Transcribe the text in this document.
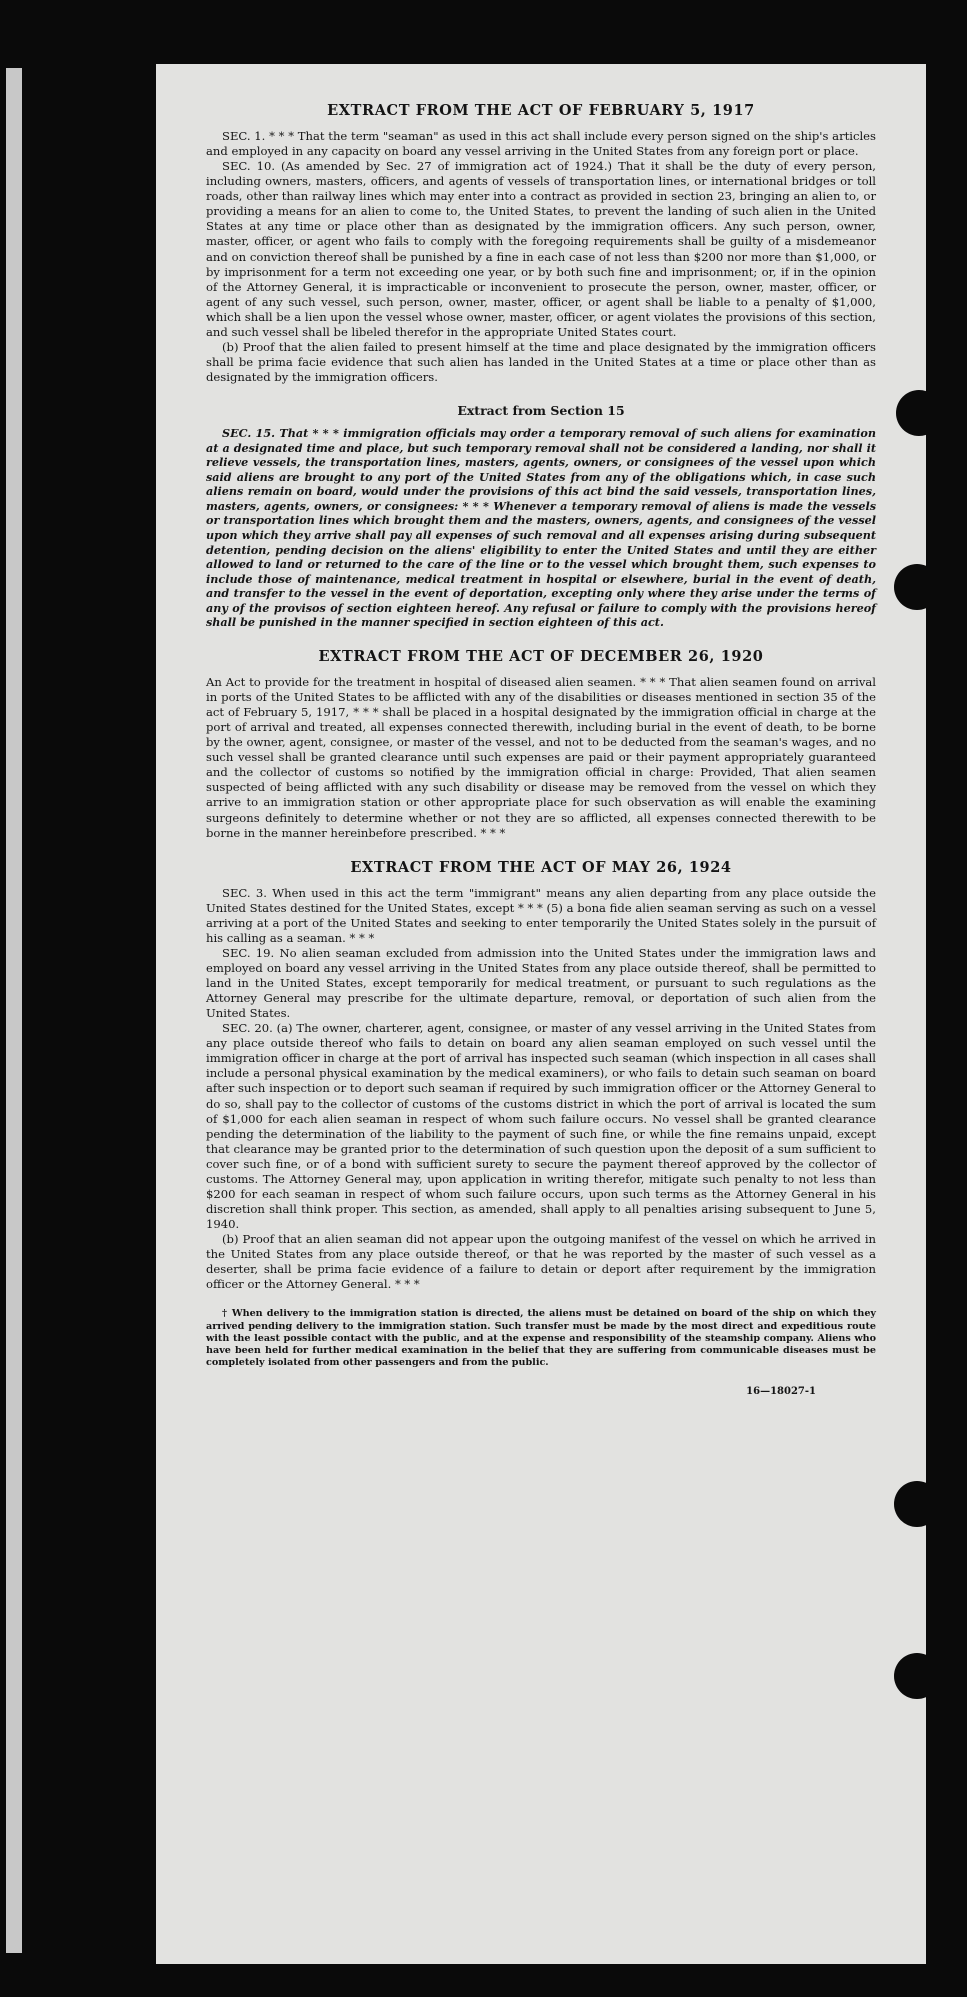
EXTRACT FROM THE ACT OF FEBRUARY 5, 1917

SEC. 1. * * * That the term "seaman" as used in this act shall include every person signed on the ship's articles and employed in any capacity on board any vessel arriving in the United States from any foreign port or place.

SEC. 10. (As amended by Sec. 27 of immigration act of 1924.) That it shall be the duty of every person, including owners, masters, officers, and agents of vessels of transportation lines, or international bridges or toll roads, other than railway lines which may enter into a contract as provided in section 23, bringing an alien to, or providing a means for an alien to come to, the United States, to prevent the landing of such alien in the United States at any time or place other than as designated by the immigration officers. Any such person, owner, master, officer, or agent who fails to comply with the foregoing requirements shall be guilty of a misdemeanor and on conviction thereof shall be punished by a fine in each case of not less than $200 nor more than $1,000, or by imprisonment for a term not exceeding one year, or by both such fine and imprisonment; or, if in the opinion of the Attorney General, it is impracticable or inconvenient to prosecute the person, owner, master, officer, or agent of any such vessel, such person, owner, master, officer, or agent shall be liable to a penalty of $1,000, which shall be a lien upon the vessel whose owner, master, officer, or agent violates the provisions of this section, and such vessel shall be libeled therefor in the appropriate United States court.

(b) Proof that the alien failed to present himself at the time and place designated by the immigration officers shall be prima facie evidence that such alien has landed in the United States at a time or place other than as designated by the immigration officers.

Extract from Section 15

SEC. 15. That * * * immigration officials may order a temporary removal of such aliens for examination at a designated time and place, but such temporary removal shall not be considered a landing, nor shall it relieve vessels, the transportation lines, masters, agents, owners, or consignees of the vessel upon which said aliens are brought to any port of the United States from any of the obligations which, in case such aliens remain on board, would under the provisions of this act bind the said vessels, transportation lines, masters, agents, owners, or consignees: * * * Whenever a temporary removal of aliens is made the vessels or transportation lines which brought them and the masters, owners, agents, and consignees of the vessel upon which they arrive shall pay all expenses of such removal and all expenses arising during subsequent detention, pending decision on the aliens' eligibility to enter the United States and until they are either allowed to land or returned to the care of the line or to the vessel which brought them, such expenses to include those of maintenance, medical treatment in hospital or elsewhere, burial in the event of death, and transfer to the vessel in the event of deportation, excepting only where they arise under the terms of any of the provisos of section eighteen hereof. Any refusal or failure to comply with the provisions hereof shall be punished in the manner specified in section eighteen of this act.

EXTRACT FROM THE ACT OF DECEMBER 26, 1920

An Act to provide for the treatment in hospital of diseased alien seamen. * * * That alien seamen found on arrival in ports of the United States to be afflicted with any of the disabilities or diseases mentioned in section 35 of the act of February 5, 1917, * * * shall be placed in a hospital designated by the immigration official in charge at the port of arrival and treated, all expenses connected therewith, including burial in the event of death, to be borne by the owner, agent, consignee, or master of the vessel, and not to be deducted from the seaman's wages, and no such vessel shall be granted clearance until such expenses are paid or their payment appropriately guaranteed and the collector of customs so notified by the immigration official in charge: Provided, That alien seamen suspected of being afflicted with any such disability or disease may be removed from the vessel on which they arrive to an immigration station or other appropriate place for such observation as will enable the examining surgeons definitely to determine whether or not they are so afflicted, all expenses connected therewith to be borne in the manner hereinbefore prescribed. * * *

EXTRACT FROM THE ACT OF MAY 26, 1924

SEC. 3. When used in this act the term "immigrant" means any alien departing from any place outside the United States destined for the United States, except * * * (5) a bona fide alien seaman serving as such on a vessel arriving at a port of the United States and seeking to enter temporarily the United States solely in the pursuit of his calling as a seaman. * * *

SEC. 19. No alien seaman excluded from admission into the United States under the immigration laws and employed on board any vessel arriving in the United States from any place outside thereof, shall be permitted to land in the United States, except temporarily for medical treatment, or pursuant to such regulations as the Attorney General may prescribe for the ultimate departure, removal, or deportation of such alien from the United States.

SEC. 20. (a) The owner, charterer, agent, consignee, or master of any vessel arriving in the United States from any place outside thereof who fails to detain on board any alien seaman employed on such vessel until the immigration officer in charge at the port of arrival has inspected such seaman (which inspection in all cases shall include a personal physical examination by the medical examiners), or who fails to detain such seaman on board after such inspection or to deport such seaman if required by such immigration officer or the Attorney General to do so, shall pay to the collector of customs of the customs district in which the port of arrival is located the sum of $1,000 for each alien seaman in respect of whom such failure occurs. No vessel shall be granted clearance pending the determination of the liability to the payment of such fine, or while the fine remains unpaid, except that clearance may be granted prior to the determination of such question upon the deposit of a sum sufficient to cover such fine, or of a bond with sufficient surety to secure the payment thereof approved by the collector of customs. The Attorney General may, upon application in writing therefor, mitigate such penalty to not less than $200 for each seaman in respect of whom such failure occurs, upon such terms as the Attorney General in his discretion shall think proper. This section, as amended, shall apply to all penalties arising subsequent to June 5, 1940.

(b) Proof that an alien seaman did not appear upon the outgoing manifest of the vessel on which he arrived in the United States from any place outside thereof, or that he was reported by the master of such vessel as a deserter, shall be prima facie evidence of a failure to detain or deport after requirement by the immigration officer or the Attorney General. * * *

† When delivery to the immigration station is directed, the aliens must be detained on board of the ship on which they arrived pending delivery to the immigration station. Such transfer must be made by the most direct and expeditious route with the least possible contact with the public, and at the expense and responsibility of the steamship company. Aliens who have been held for further medical examination in the belief that they are suffering from communicable diseases must be completely isolated from other passengers and from the public.

16—18027-1
